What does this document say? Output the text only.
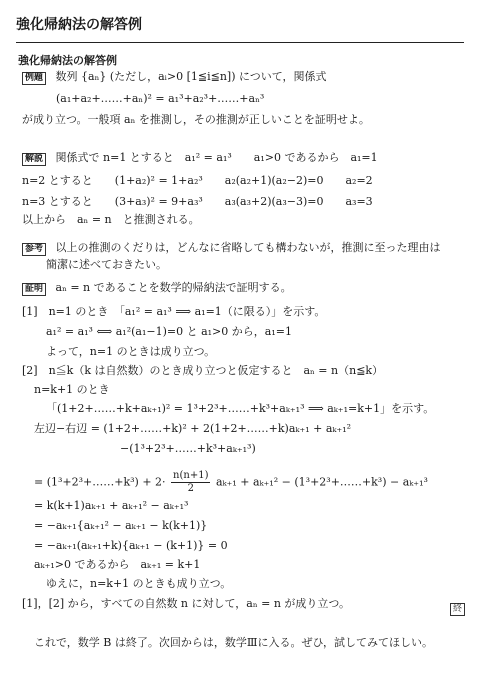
強化帰納法の解答例
強化帰納法の解答例
例題 数列 {aₙ} (ただし，aᵢ>0 [1≦i≦n]) について，関係式
(a₁+a₂+……+aₙ)² = a₁³+a₂³+……+aₙ³
が成り立つ。一般項 aₙ を推測し，その推測が正しいことを証明せよ。
解説 関係式で n=1 とすると　a₁² = a₁³　　a₁>0 であるから　a₁=1
n=2 とすると　　(1+a₂)² = 1+a₂³　　a₂(a₂+1)(a₂−2)=0　　a₂=2
n=3 とすると　　(3+a₃)² = 9+a₃³　　a₃(a₃+2)(a₃−3)=0　　a₃=3
以上から　aₙ = n　と推測される。
参考 以上の推測のくだりは，どんなに省略しても構わないが，推測に至った理由は
簡潔に述べておきたい。
証明 aₙ = n であることを数学的帰納法で証明する。
[1]　n=1 のとき　「a₁² = a₁³ ⟹ a₁=1（に限る）」を示す。
a₁² = a₁³ ⟺ a₁²(a₁−1)=0 と a₁>0 から，a₁=1
よって，n=1 のときは成り立つ。
[2]　n≦k（k は自然数）のとき成り立つと仮定すると　aₙ = n（n≦k）
n=k+1 のとき
「(1+2+……+k+aₖ₊₁)² = 1³+2³+……+k³+aₖ₊₁³ ⟹ aₖ₊₁=k+1」を示す。
左辺−右辺 = (1+2+……+k)² + 2(1+2+……+k)aₖ₊₁ + aₖ₊₁²
−(1³+2³+……+k³+aₖ₊₁³)
= (1³+2³+……+k³) + $2\cdot \frac{n(n+1)}{2} a_{k+1} + a_{k+1}^2$ − (1³+2³+……+k³) − aₖ₊₁³
= k(k+1)aₖ₊₁ + aₖ₊₁² − aₖ₊₁³
= −aₖ₊₁{aₖ₊₁² − aₖ₊₁ − k(k+1)}
= −aₖ₊₁(aₖ₊₁+k){aₖ₊₁ − (k+1)} = 0
aₖ₊₁>0 であるから　aₖ₊₁ = k+1
ゆえに，n=k+1 のときも成り立つ。
[1]，[2] から，すべての自然数 n に対して，aₙ = n が成り立つ。	終
これで，数学 B は終了。次回からは，数学Ⅲに入る。ぜひ，試してみてほしい。
